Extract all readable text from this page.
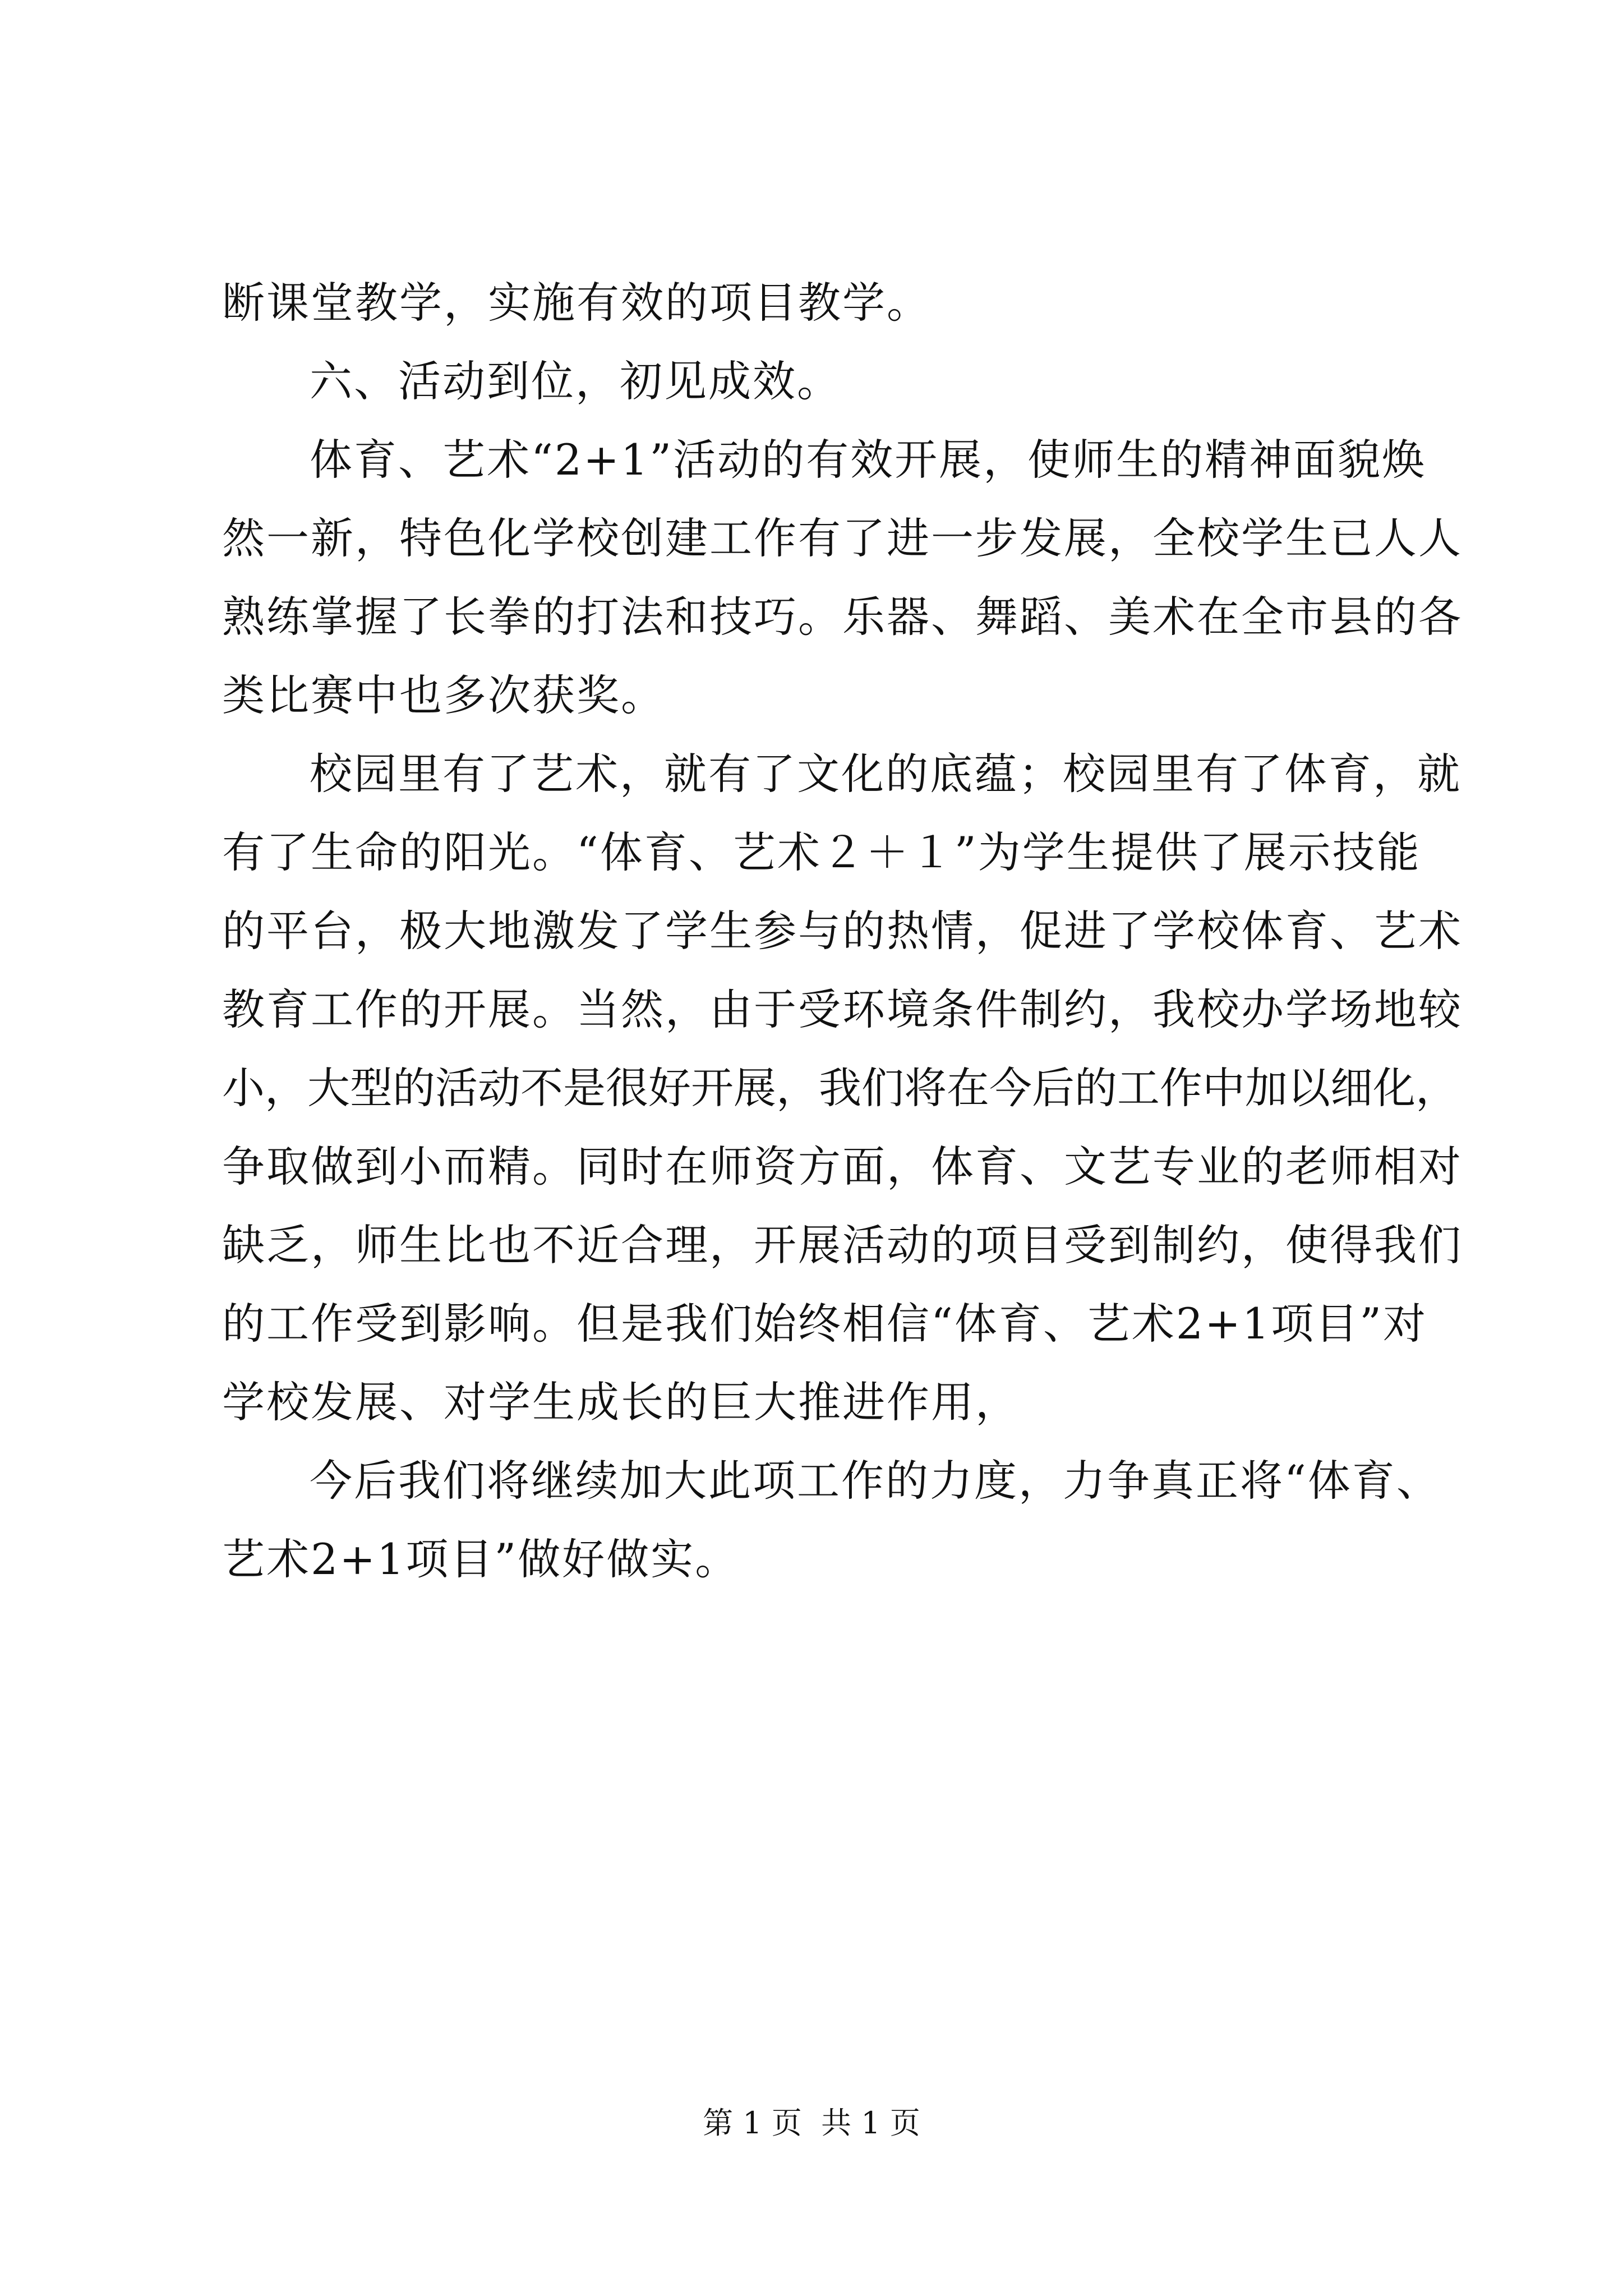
断课堂教学，实施有效的项目教学。
六、活动到位，初见成效。
体育、艺术“2+1”活动的有效开展，使师生的精神面貌焕
然一新，特色化学校创建工作有了进一步发展，全校学生已人人
熟练掌握了长拳的打法和技巧。乐器、舞蹈、美术在全市县的各
类比赛中也多次获奖。
校园里有了艺术，就有了文化的底蕴；校园里有了体育，就
有了生命的阳光。“体育、艺术２＋１”为学生提供了展示技能
的平台，极大地激发了学生参与的热情，促进了学校体育、艺术
教育工作的开展。当然，由于受环境条件制约，我校办学场地较
小，大型的活动不是很好开展，我们将在今后的工作中加以细化，
争取做到小而精。同时在师资方面，体育、文艺专业的老师相对
缺乏，师生比也不近合理，开展活动的项目受到制约，使得我们
的工作受到影响。但是我们始终相信“体育、艺术2+1项目”对
学校发展、对学生成长的巨大推进作用，
今后我们将继续加大此项工作的力度，力争真正将“体育、
艺术2+1项目”做好做实。
第 1 页  共 1 页
